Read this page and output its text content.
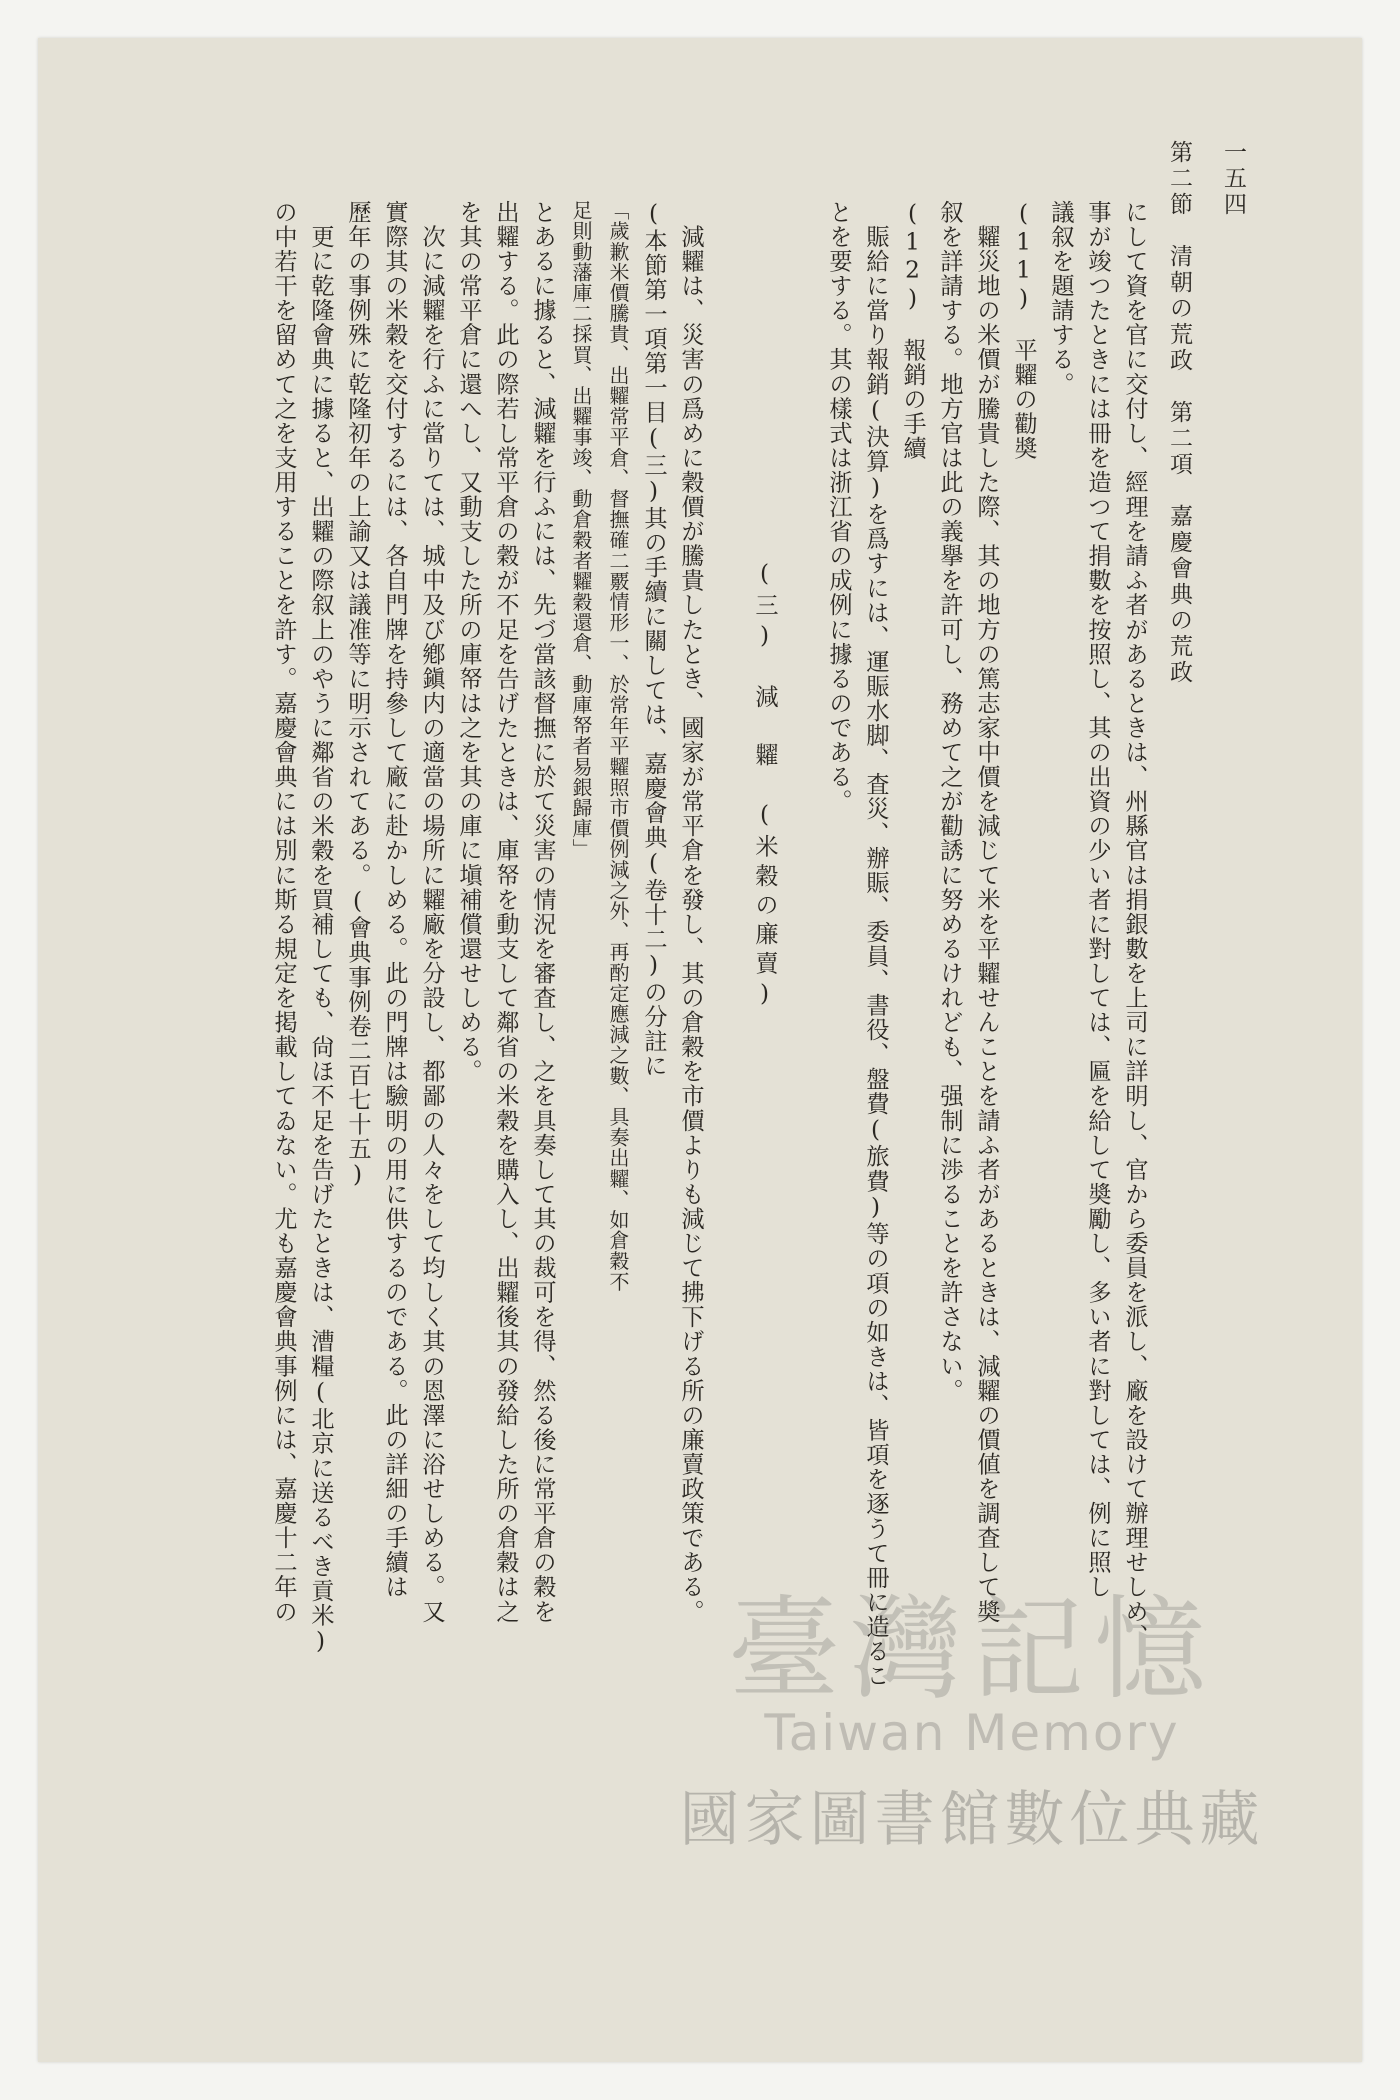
第二節　清朝の荒政　第二項　嘉慶會典の荒政 一五四
にして資を官に交付し、經理を請ふ者があるときは、州縣官は捐銀數を上司に詳明し、官から委員を派し、廠を設けて辦理せしめ、
事が竣つたときには冊を造つて捐數を按照し、其の出資の少い者に對しては、匾を給して奬勵し、多い者に對しては、例に照し
議叙を題請する。
(11)　平糶の勸奬
　糶災地の米價が騰貴した際、其の地方の篤志家中價を減じて米を平糶せんことを請ふ者があるときは、減糶の價値を調査して奬
叙を詳請する。地方官は此の義擧を許可し、務めて之が勸誘に努めるけれども、强制に渉ることを許さない。
(12)　報銷の手續
　賑給に當り報銷(決算)を爲すには、運賑水脚、査災、辦賑、委員、書役、盤費(旅費)等の項の如きは、皆項を逐うて冊に造るこ
とを要する。其の樣式は浙江省の成例に據るのである。
(三)　減　糶　(米穀の廉賣)
　減糶は、災害の爲めに穀價が騰貴したとき、國家が常平倉を發し、其の倉穀を市價よりも減じて拂下げる所の廉賣政策である。
(本節第一項第一目(三)其の手續に關しては、嘉慶會典(卷十二)の分註に
「歲歉米價騰貴、出糶常平倉、督撫確二覈情形一、於常年平糶照市價例減之外、再酌定應減之數、具奏出糶、如倉穀不
足則動藩庫二採買、出糶事竣、動倉穀者糶穀還倉、動庫帑者易銀歸庫」
とあるに據ると、減糶を行ふには、先づ當該督撫に於て災害の情況を審査し、之を具奏して其の裁可を得、然る後に常平倉の穀を
出糶する。此の際若し常平倉の穀が不足を告げたときは、庫帑を動支して鄰省の米穀を購入し、出糶後其の發給した所の倉穀は之
を其の常平倉に還へし、又動支した所の庫帑は之を其の庫に塡補償還せしめる。
　次に減糶を行ふに當りては、城中及び鄕鎭内の適當の場所に糶廠を分設し、都鄙の人々をして均しく其の恩澤に浴せしめる。又
實際其の米穀を交付するには、各自門牌を持參して廠に赴かしめる。此の門牌は驗明の用に供するのである。此の詳細の手續は
歷年の事例殊に乾隆初年の上諭又は議准等に明示されてある。(會典事例卷二百七十五)
　更に乾隆會典に據ると、出糶の際叙上のやうに鄰省の米穀を買補しても、尙ほ不足を告げたときは、漕糧(北京に送るべき貢米)
の中若干を留めて之を支用することを許す。嘉慶會典には別に斯る規定を掲載してゐない。尤も嘉慶會典事例には、嘉慶十二年の
臺灣記憶
Taiwan Memory
國家圖書館數位典藏
